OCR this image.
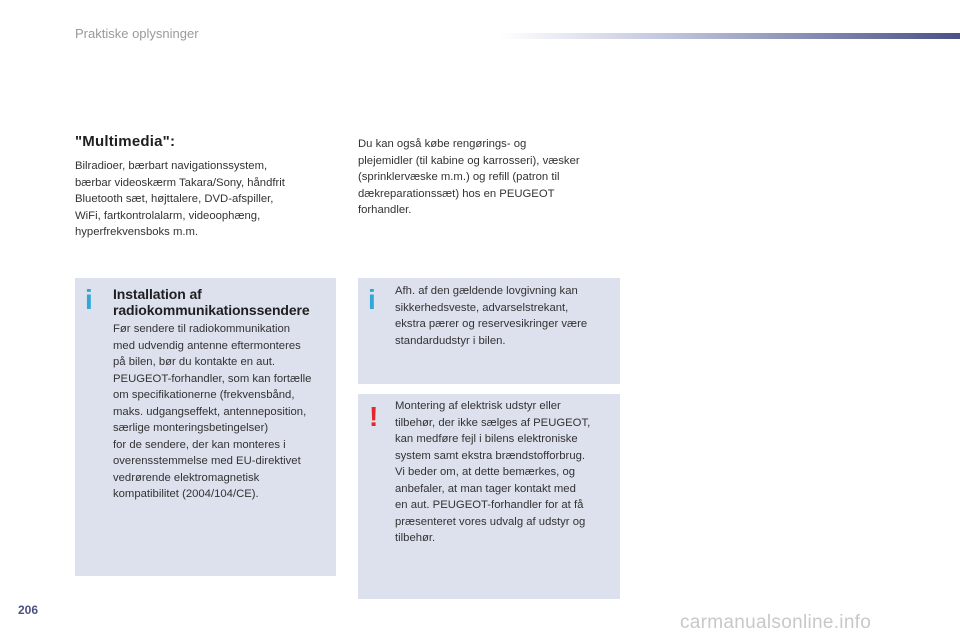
Praktiske oplysninger
"Multimedia":
Bilradioer, bærbart navigationssystem,
bærbar videoskærm Takara/Sony, håndfrit
Bluetooth sæt, højttalere, DVD-afspiller,
WiFi, fartkontrolalarm, videoophæng,
hyperfrekvensboks m.m.
Du kan også købe rengørings- og
plejemidler (til kabine og karrosseri), væsker
(sprinklervæske m.m.) og refill (patron til
dækreparationssæt) hos en PEUGEOT
forhandler.
i Installation af
radiokommunikationssendere
Før sendere til radiokommunikation
med udvendig antenne eftermonteres
på bilen, bør du kontakte en aut.
PEUGEOT-forhandler, som kan fortælle
om specifikationerne (frekvensbånd,
maks. udgangseffekt, antenneposition,
særlige monteringsbetingelser)
for de sendere, der kan monteres i
overensstemmelse med EU-direktivet
vedrørende elektromagnetisk
kompatibilitet (2004/104/CE).
i Afh. af den gældende lovgivning kan
sikkerhedsveste, advarselstrekant,
ekstra pærer og reservesikringer være
standardudstyr i bilen.
! Montering af elektrisk udstyr eller
tilbehør, der ikke sælges af PEUGEOT,
kan medføre fejl i bilens elektroniske
system samt ekstra brændstofforbrug.
Vi beder om, at dette bemærkes, og
anbefaler, at man tager kontakt med
en aut. PEUGEOT-forhandler for at få
præsenteret vores udvalg af udstyr og
tilbehør.
206
carmanualsonline.info
